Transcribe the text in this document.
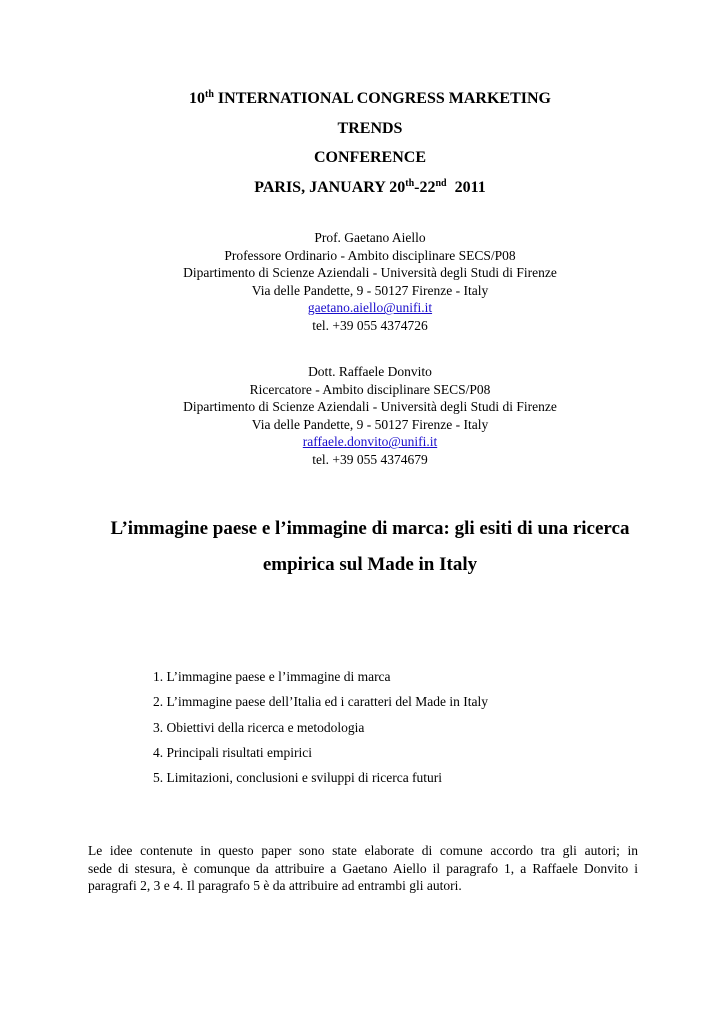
10th INTERNATIONAL CONGRESS MARKETING
TRENDS
CONFERENCE
PARIS, JANUARY 20th-22nd  2011
Prof. Gaetano Aiello
Professore Ordinario - Ambito disciplinare SECS/P08
Dipartimento di Scienze Aziendali - Università degli Studi di Firenze
Via delle Pandette, 9 - 50127 Firenze - Italy
gaetano.aiello@unifi.it
tel. +39 055 4374726
Dott. Raffaele Donvito
Ricercatore - Ambito disciplinare SECS/P08
Dipartimento di Scienze Aziendali - Università degli Studi di Firenze
Via delle Pandette, 9 - 50127 Firenze - Italy
raffaele.donvito@unifi.it
tel. +39 055 4374679
L’immagine paese e l’immagine di marca: gli esiti di una ricerca
empirica sul Made in Italy
1. L’immagine paese e l’immagine di marca
2. L’immagine paese dell’Italia ed i caratteri del Made in Italy
3. Obiettivi della ricerca e metodologia
4. Principali risultati empirici
5. Limitazioni, conclusioni e sviluppi di ricerca futuri
Le idee contenute in questo paper sono state elaborate di comune accordo tra gli autori; in
sede di stesura, è comunque da attribuire a Gaetano Aiello il paragrafo 1, a Raffaele Donvito i
paragrafi 2, 3 e 4. Il paragrafo 5 è da attribuire ad entrambi gli autori.
